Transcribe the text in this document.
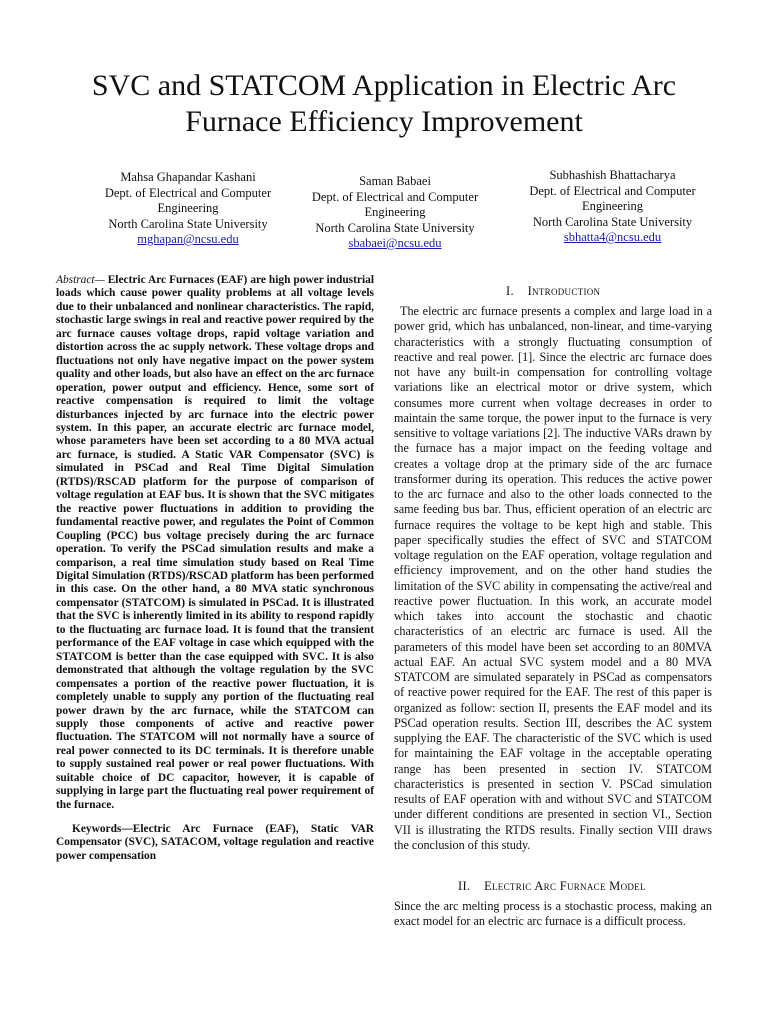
SVC and STATCOM Application in Electric Arc Furnace Efficiency Improvement
Mahsa Ghapandar Kashani
Dept. of Electrical and Computer
Engineering
North Carolina State University
mghapan@ncsu.edu
Saman Babaei
Dept. of Electrical and Computer
Engineering
North Carolina State University
sbabaei@ncsu.edu
Subhashish Bhattacharya
Dept. of Electrical and Computer
Engineering
North Carolina State University
sbhatta4@ncsu.edu

Abstract— Electric Arc Furnaces (EAF) are high power industrial loads which cause power quality problems at all voltage levels due to their unbalanced and nonlinear characteristics. The rapid, stochastic large swings in real and reactive power required by the arc furnace causes voltage drops, rapid voltage variation and distortion across the ac supply network. These voltage drops and fluctuations not only have negative impact on the power system quality and other loads, but also have an effect on the arc furnace operation, power output and efficiency. Hence, some sort of reactive compensation is required to limit the voltage disturbances injected by arc furnace into the electric power system. In this paper, an accurate electric arc furnace model, whose parameters have been set according to a 80 MVA actual arc furnace, is studied. A Static VAR Compensator (SVC) is simulated in PSCad and Real Time Digital Simulation (RTDS)/RSCAD platform for the purpose of comparison of voltage regulation at EAF bus. It is shown that the SVC mitigates the reactive power fluctuations in addition to providing the fundamental reactive power, and regulates the Point of Common Coupling (PCC) bus voltage precisely during the arc furnace operation. To verify the PSCad simulation results and make a comparison, a real time simulation study based on Real Time Digital Simulation (RTDS)/RSCAD platform has been performed in this case. On the other hand, a 80 MVA static synchronous compensator (STATCOM) is simulated in PSCad. It is illustrated that the SVC is inherently limited in its ability to respond rapidly to the fluctuating arc furnace load. It is found that the transient performance of the EAF voltage in case which equipped with the STATCOM is better than the case equipped with SVC. It is also demonstrated that although the voltage regulation by the SVC compensates a portion of the reactive power fluctuation, it is completely unable to supply any portion of the fluctuating real power drawn by the arc furnace, while the STATCOM can supply those components of active and reactive power fluctuation. The STATCOM will not normally have a source of real power connected to its DC terminals. It is therefore unable to supply sustained real power or real power fluctuations. With suitable choice of DC capacitor, however, it is capable of supplying in large part the fluctuating real power requirement of the furnace.

Keywords—Electric Arc Furnace (EAF), Static VAR Compensator (SVC), SATACOM, voltage regulation and reactive power compensation

I. Introduction

The electric arc furnace presents a complex and large load in a power grid, which has unbalanced, non-linear, and time-varying characteristics with a strongly fluctuating consumption of reactive and real power. [1]. Since the electric arc furnace does not have any built-in compensation for controlling voltage variations like an electrical motor or drive system, which consumes more current when voltage decreases in order to maintain the same torque, the power input to the furnace is very sensitive to voltage variations [2]. The inductive VARs drawn by the furnace has a major impact on the feeding voltage and creates a voltage drop at the primary side of the arc furnace transformer during its operation. This reduces the active power to the arc furnace and also to the other loads connected to the same feeding bus bar. Thus, efficient operation of an electric arc furnace requires the voltage to be kept high and stable. This paper specifically studies the effect of SVC and STATCOM voltage regulation on the EAF operation, voltage regulation and efficiency improvement, and on the other hand studies the limitation of the SVC ability in compensating the active/real and reactive power fluctuation. In this work, an accurate model which takes into account the stochastic and chaotic characteristics of an electric arc furnace is used. All the parameters of this model have been set according to an 80MVA actual EAF. An actual SVC system model and a 80 MVA STATCOM are simulated separately in PSCad as compensators of reactive power required for the EAF. The rest of this paper is organized as follow: section II, presents the EAF model and its PSCad operation results. Section III, describes the AC system supplying the EAF. The characteristic of the SVC which is used for maintaining the EAF voltage in the acceptable operating range has been presented in section IV. STATCOM characteristics is presented in section V. PSCad simulation results of EAF operation with and without SVC and STATCOM under different conditions are presented in section VI., Section VII is illustrating the RTDS results. Finally section VIII draws the conclusion of this study.

II. Electric Arc Furnace Model

Since the arc melting process is a stochastic process, making an exact model for an electric arc furnace is a difficult process.
